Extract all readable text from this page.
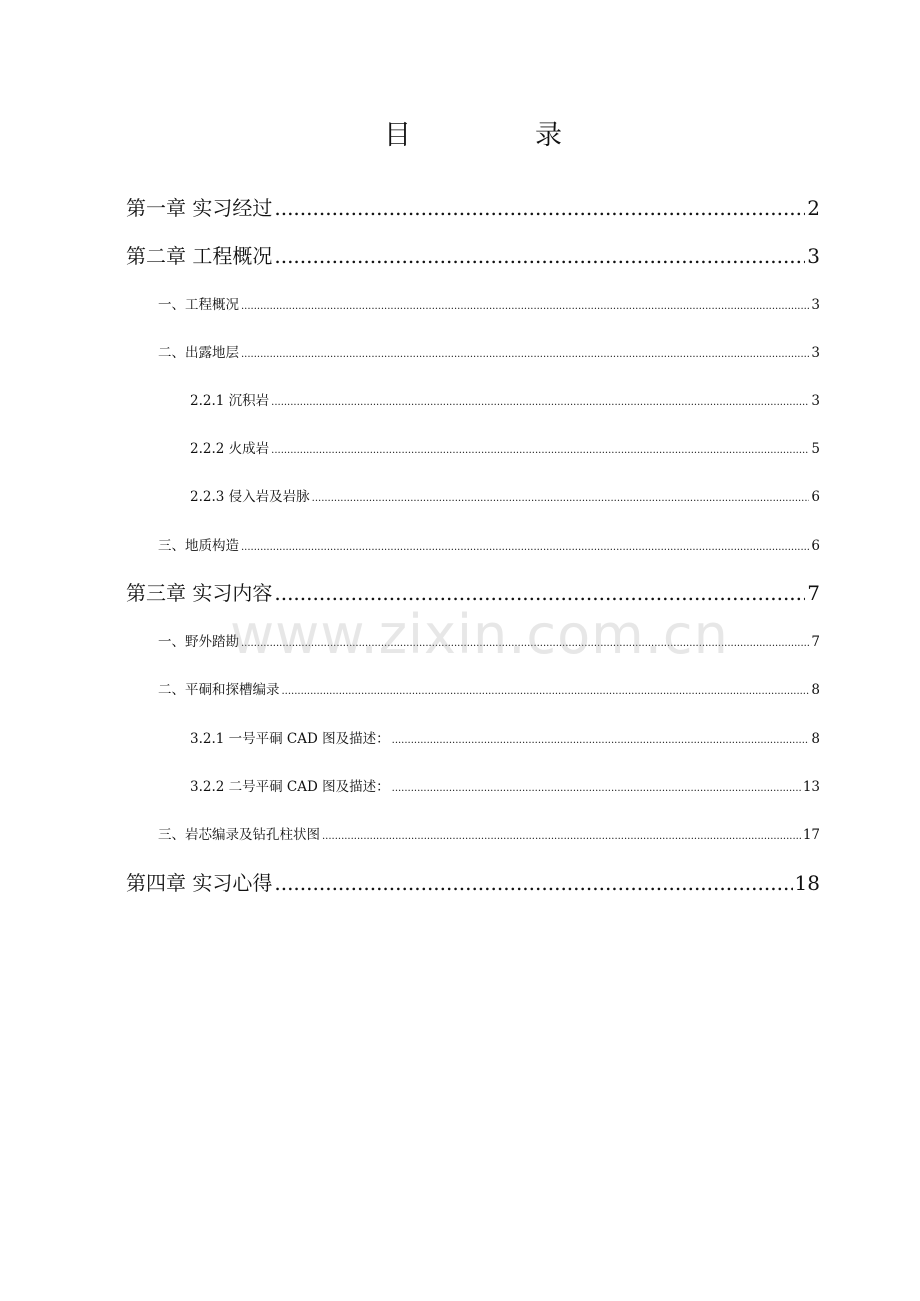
目	录
第一章 实习经过 .....	2
第二章 工程概况 .....	3
一、工程概况 .....	3
二、出露地层 .....	3
2.2.1 沉积岩 .....	3
2.2.2 火成岩 .....	5
2.2.3 侵入岩及岩脉 .....	6
三、地质构造 .....	6
第三章 实习内容 .....	7
一、野外踏勘 .....	7
二、平硐和探槽编录 .....	8
3.2.1 一号平硐 CAD 图及描述： .....	8
3.2.2 二号平硐 CAD 图及描述： .....	13
三、岩芯编录及钻孔柱状图 .....	17
第四章 实习心得 .....	18
www.zixin.com.cn
